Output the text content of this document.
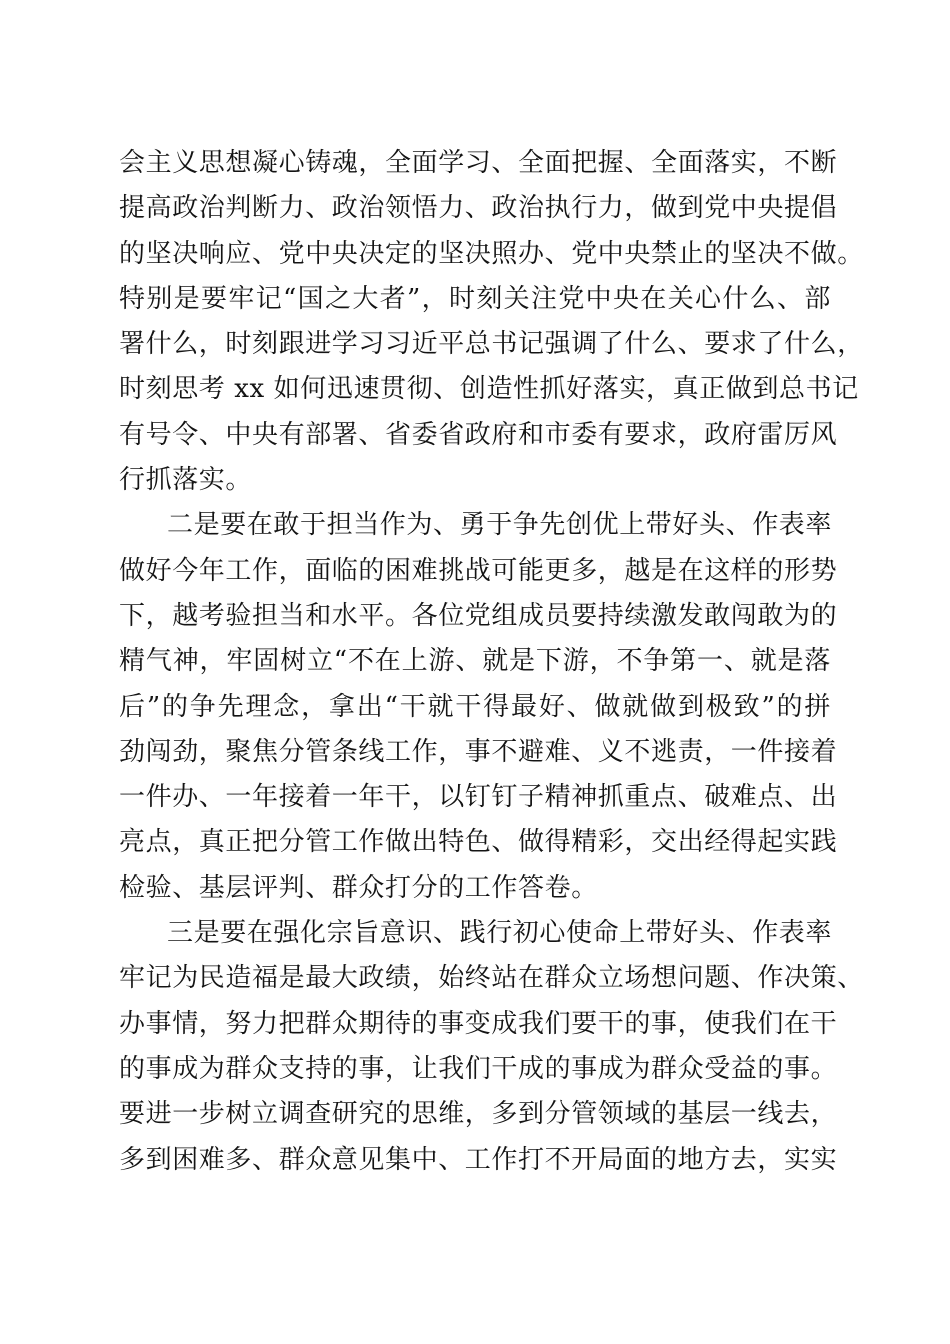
会主义思想凝心铸魂，全面学习、全面把握、全面落实，不断
提高政治判断力、政治领悟力、政治执行力，做到党中央提倡
的坚决响应、党中央决定的坚决照办、党中央禁止的坚决不做。
特别是要牢记“国之大者”，时刻关注党中央在关心什么、部
署什么，时刻跟进学习习近平总书记强调了什么、要求了什么，
时刻思考 xx 如何迅速贯彻、创造性抓好落实，真正做到总书记
有号令、中央有部署、省委省政府和市委有要求，政府雷厉风
行抓落实。
二是要在敢于担当作为、勇于争先创优上带好头、作表率
做好今年工作，面临的困难挑战可能更多，越是在这样的形势
下，越考验担当和水平。各位党组成员要持续激发敢闯敢为的
精气神，牢固树立“不在上游、就是下游，不争第一、就是落
后”的争先理念，拿出“干就干得最好、做就做到极致”的拼
劲闯劲，聚焦分管条线工作，事不避难、义不逃责，一件接着
一件办、一年接着一年干，以钉钉子精神抓重点、破难点、出
亮点，真正把分管工作做出特色、做得精彩，交出经得起实践
检验、基层评判、群众打分的工作答卷。
三是要在强化宗旨意识、践行初心使命上带好头、作表率
牢记为民造福是最大政绩，始终站在群众立场想问题、作决策、
办事情，努力把群众期待的事变成我们要干的事，使我们在干
的事成为群众支持的事，让我们干成的事成为群众受益的事。
要进一步树立调查研究的思维，多到分管领域的基层一线去，
多到困难多、群众意见集中、工作打不开局面的地方去，实实
